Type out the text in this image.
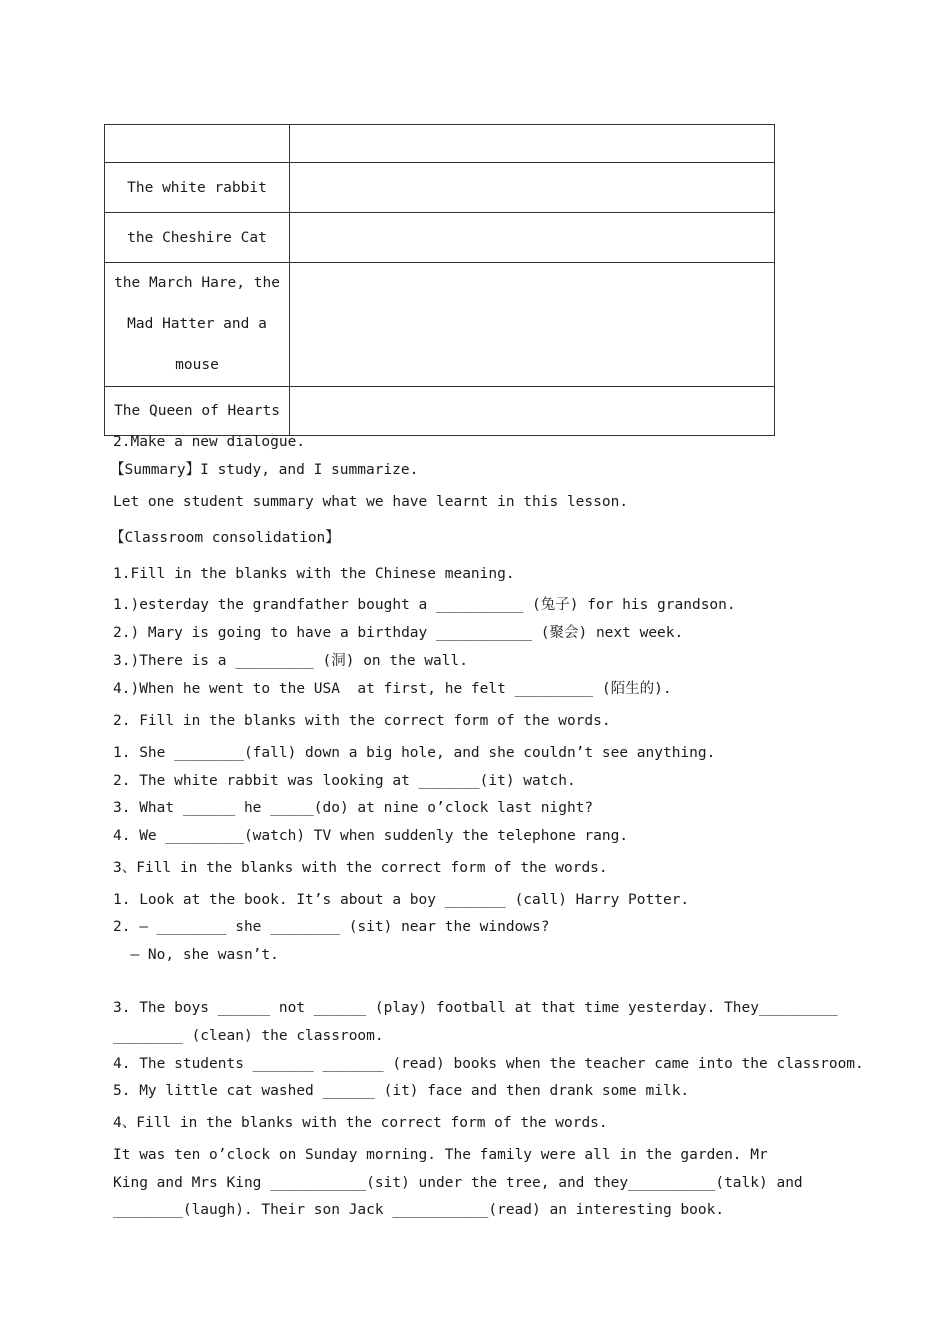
The white rabbit	
the Cheshire Cat	

the March Hare, the
Mad Hatter and a
mouse	

The Queen of Hearts	
2.Make a new dialogue.
【Summary】I study, and I summarize.
Let one student summary what we have learnt in this lesson.
【Classroom consolidation】
1.Fill in the blanks with the Chinese meaning.
1.)esterday the grandfather bought a __________ (兔子) for his grandson.
2.) Mary is going to have a birthday ___________ (聚会) next week.
3.)There is a _________ (洞) on the wall.
4.)When he went to the USA  at first, he felt _________ (陌生的).
2. Fill in the blanks with the correct form of the words.
1. She ________(fall) down a big hole, and she couldn’t see anything.
2. The white rabbit was looking at _______(it) watch.
3. What ______ he _____(do) at nine o’clock last night?
4. We _________(watch) TV when suddenly the telephone rang.
3、Fill in the blanks with the correct form of the words.
1. Look at the book. It’s about a boy _______ (call) Harry Potter.
2. — ________ she ________ (sit) near the windows?
— No, she wasn’t.
3. The boys ______ not ______ (play) football at that time yesterday. They_________
________ (clean) the classroom.
4. The students _______ _______ (read) books when the teacher came into the classroom.
5. My little cat washed ______ (it) face and then drank some milk.
4、Fill in the blanks with the correct form of the words.
It was ten o’clock on Sunday morning. The family were all in the garden. Mr
King and Mrs King ___________(sit) under the tree, and they__________(talk) and
________(laugh). Their son Jack ___________(read) an interesting book.
